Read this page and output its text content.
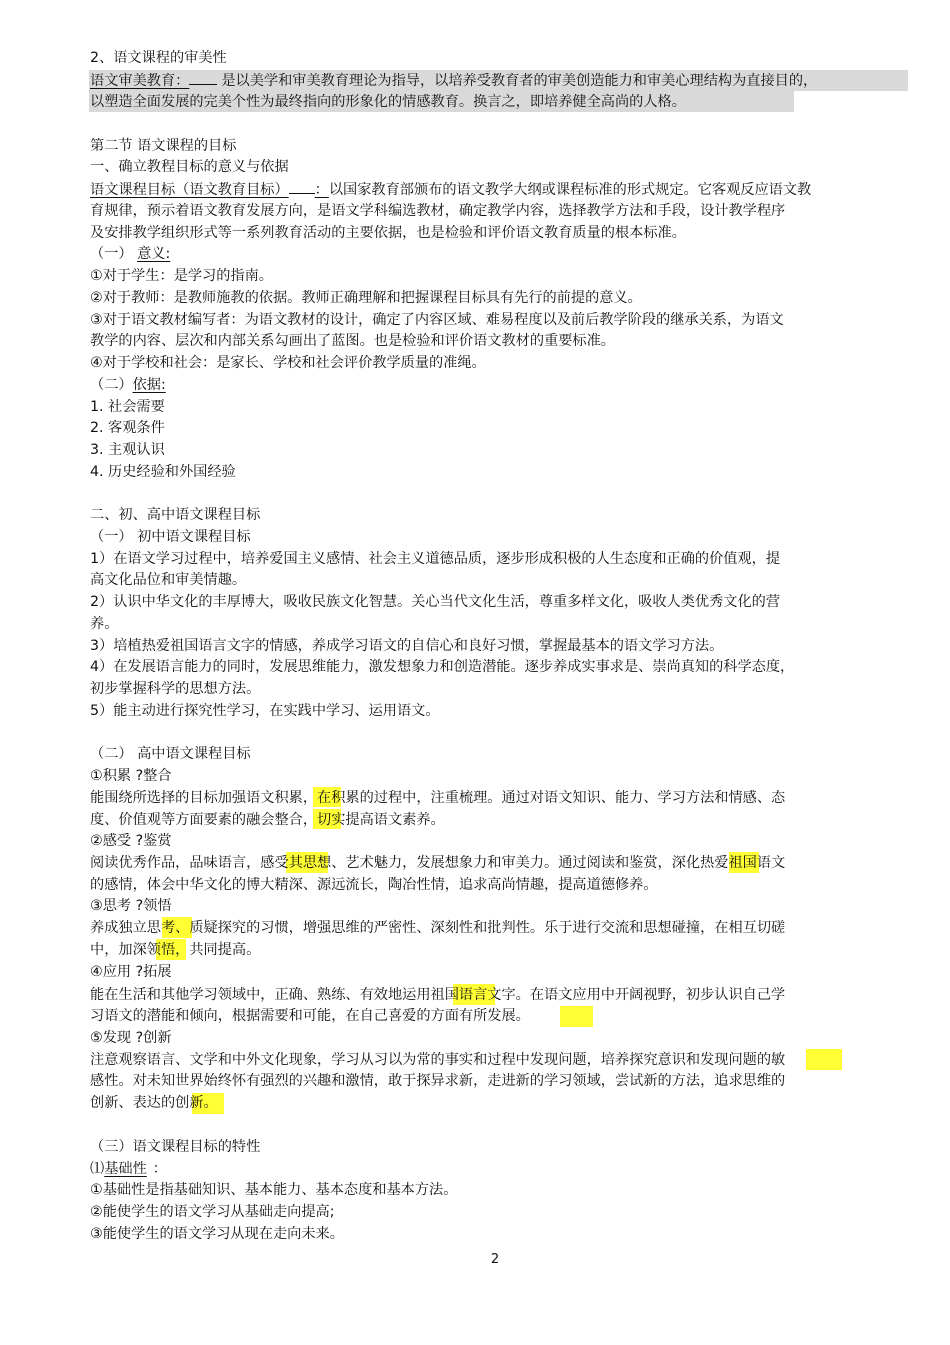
2、语文课程的审美性
语文审美教育： 是以美学和审美教育理论为指导，以培养受教育者的审美创造能力和审美心理结构为直接目的，
以塑造全面发展的完美个性为最终指向的形象化的情感教育。换言之，即培养健全高尚的人格。
第二节 语文课程的目标
一、确立教程目标的意义与依据
语文课程目标（语文教育目标） ：以国家教育部颁布的语文教学大纲或课程标准的形式规定。它客观反应语文教
育规律，预示着语文教育发展方向，是语文学科编选教材，确定教学内容，选择教学方法和手段，设计教学程序
及安排教学组织形式等一系列教育活动的主要依据，也是检验和评价语文教育质量的根本标准。
（一） 意义:
①对于学生：是学习的指南。
②对于教师：是教师施教的依据。教师正确理解和把握课程目标具有先行的前提的意义。
③对于语文教材编写者：为语文教材的设计，确定了内容区域、难易程度以及前后教学阶段的继承关系，为语文
教学的内容、层次和内部关系勾画出了蓝图。也是检验和评价语文教材的重要标准。
④对于学校和社会：是家长、学校和社会评价教学质量的准绳。
（二）依据:
1. 社会需要
2. 客观条件
3. 主观认识
4. 历史经验和外国经验
二、初、高中语文课程目标
（一） 初中语文课程目标
1）在语文学习过程中，培养爱国主义感情、社会主义道德品质，逐步形成积极的人生态度和正确的价值观，提
高文化品位和审美情趣。
2）认识中华文化的丰厚博大，吸收民族文化智慧。关心当代文化生活，尊重多样文化，吸收人类优秀文化的营
养。
3）培植热爱祖国语言文字的情感，养成学习语文的自信心和良好习惯，掌握最基本的语文学习方法。
4）在发展语言能力的同时，发展思维能力，激发想象力和创造潜能。逐步养成实事求是、崇尚真知的科学态度，
初步掌握科学的思想方法。
5）能主动进行探究性学习，在实践中学习、运用语文。
（二） 高中语文课程目标
①积累 ?整合
能围绕所选择的目标加强语文积累，在积累的过程中，注重梳理。通过对语文知识、能力、学习方法和情感、态
度、价值观等方面要素的融会整合，切实提高语文素养。
②感受 ?鉴赏
阅读优秀作品，品味语言，感受其思想、艺术魅力，发展想象力和审美力。通过阅读和鉴赏，深化热爱祖国语文
的感情，体会中华文化的博大精深、源远流长，陶冶性情，追求高尚情趣，提高道德修养。
③思考 ?领悟
养成独立思考、质疑探究的习惯，增强思维的严密性、深刻性和批判性。乐于进行交流和思想碰撞，在相互切磋
中，加深领悟，共同提高。
④应用 ?拓展
能在生活和其他学习领域中，正确、熟练、有效地运用祖国语言文字。在语文应用中开阔视野，初步认识自己学
习语文的潜能和倾向，根据需要和可能，在自己喜爱的方面有所发展。
⑤发现 ?创新
注意观察语言、文学和中外文化现象，学习从习以为常的事实和过程中发现问题，培养探究意识和发现问题的敏
感性。对未知世界始终怀有强烈的兴趣和激情，敢于探异求新，走进新的学习领域，尝试新的方法，追求思维的
创新、表达的创新。
（三）语文课程目标的特性
⑴基础性 ：
①基础性是指基础知识、基本能力、基本态度和基本方法。
②能使学生的语文学习从基础走向提高;
③能使学生的语文学习从现在走向未来。
2
